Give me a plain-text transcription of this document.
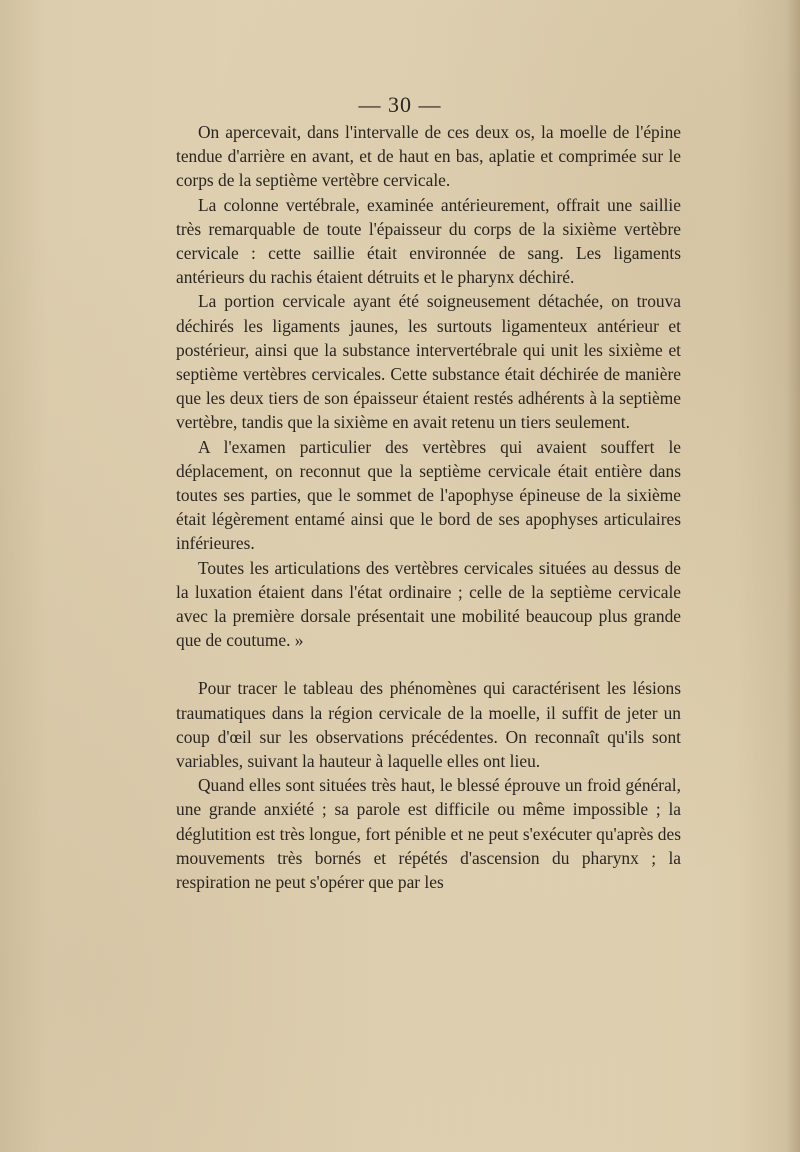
— 30 —

On apercevait, dans l'intervalle de ces deux os, la moelle de l'épine tendue d'arrière en avant, et de haut en bas, aplatie et comprimée sur le corps de la septième vertèbre cervicale.

La colonne vertébrale, examinée antérieurement, offrait une saillie très remarquable de toute l'épaisseur du corps de la sixième vertèbre cervicale : cette saillie était environnée de sang. Les ligaments antérieurs du rachis étaient détruits et le pharynx déchiré.

La portion cervicale ayant été soigneusement détachée, on trouva déchirés les ligaments jaunes, les surtouts ligamenteux antérieur et postérieur, ainsi que la substance intervertébrale qui unit les sixième et septième vertèbres cervicales. Cette substance était déchirée de manière que les deux tiers de son épaisseur étaient restés adhérents à la septième vertèbre, tandis que la sixième en avait retenu un tiers seulement.

A l'examen particulier des vertèbres qui avaient souffert le déplacement, on reconnut que la septième cervicale était entière dans toutes ses parties, que le sommet de l'apophyse épineuse de la sixième était légèrement entamé ainsi que le bord de ses apophyses articulaires inférieures.

Toutes les articulations des vertèbres cervicales situées au dessus de la luxation étaient dans l'état ordinaire ; celle de la septième cervicale avec la première dorsale présentait une mobilité beaucoup plus grande que de coutume. »

Pour tracer le tableau des phénomènes qui caractérisent les lésions traumatiques dans la région cervicale de la moelle, il suffit de jeter un coup d'œil sur les observations précédentes. On reconnaît qu'ils sont variables, suivant la hauteur à laquelle elles ont lieu.

Quand elles sont situées très haut, le blessé éprouve un froid général, une grande anxiété ; sa parole est difficile ou même impossible ; la déglutition est très longue, fort pénible et ne peut s'exécuter qu'après des mouvements très bornés et répétés d'ascension du pharynx ; la respiration ne peut s'opérer que par les
